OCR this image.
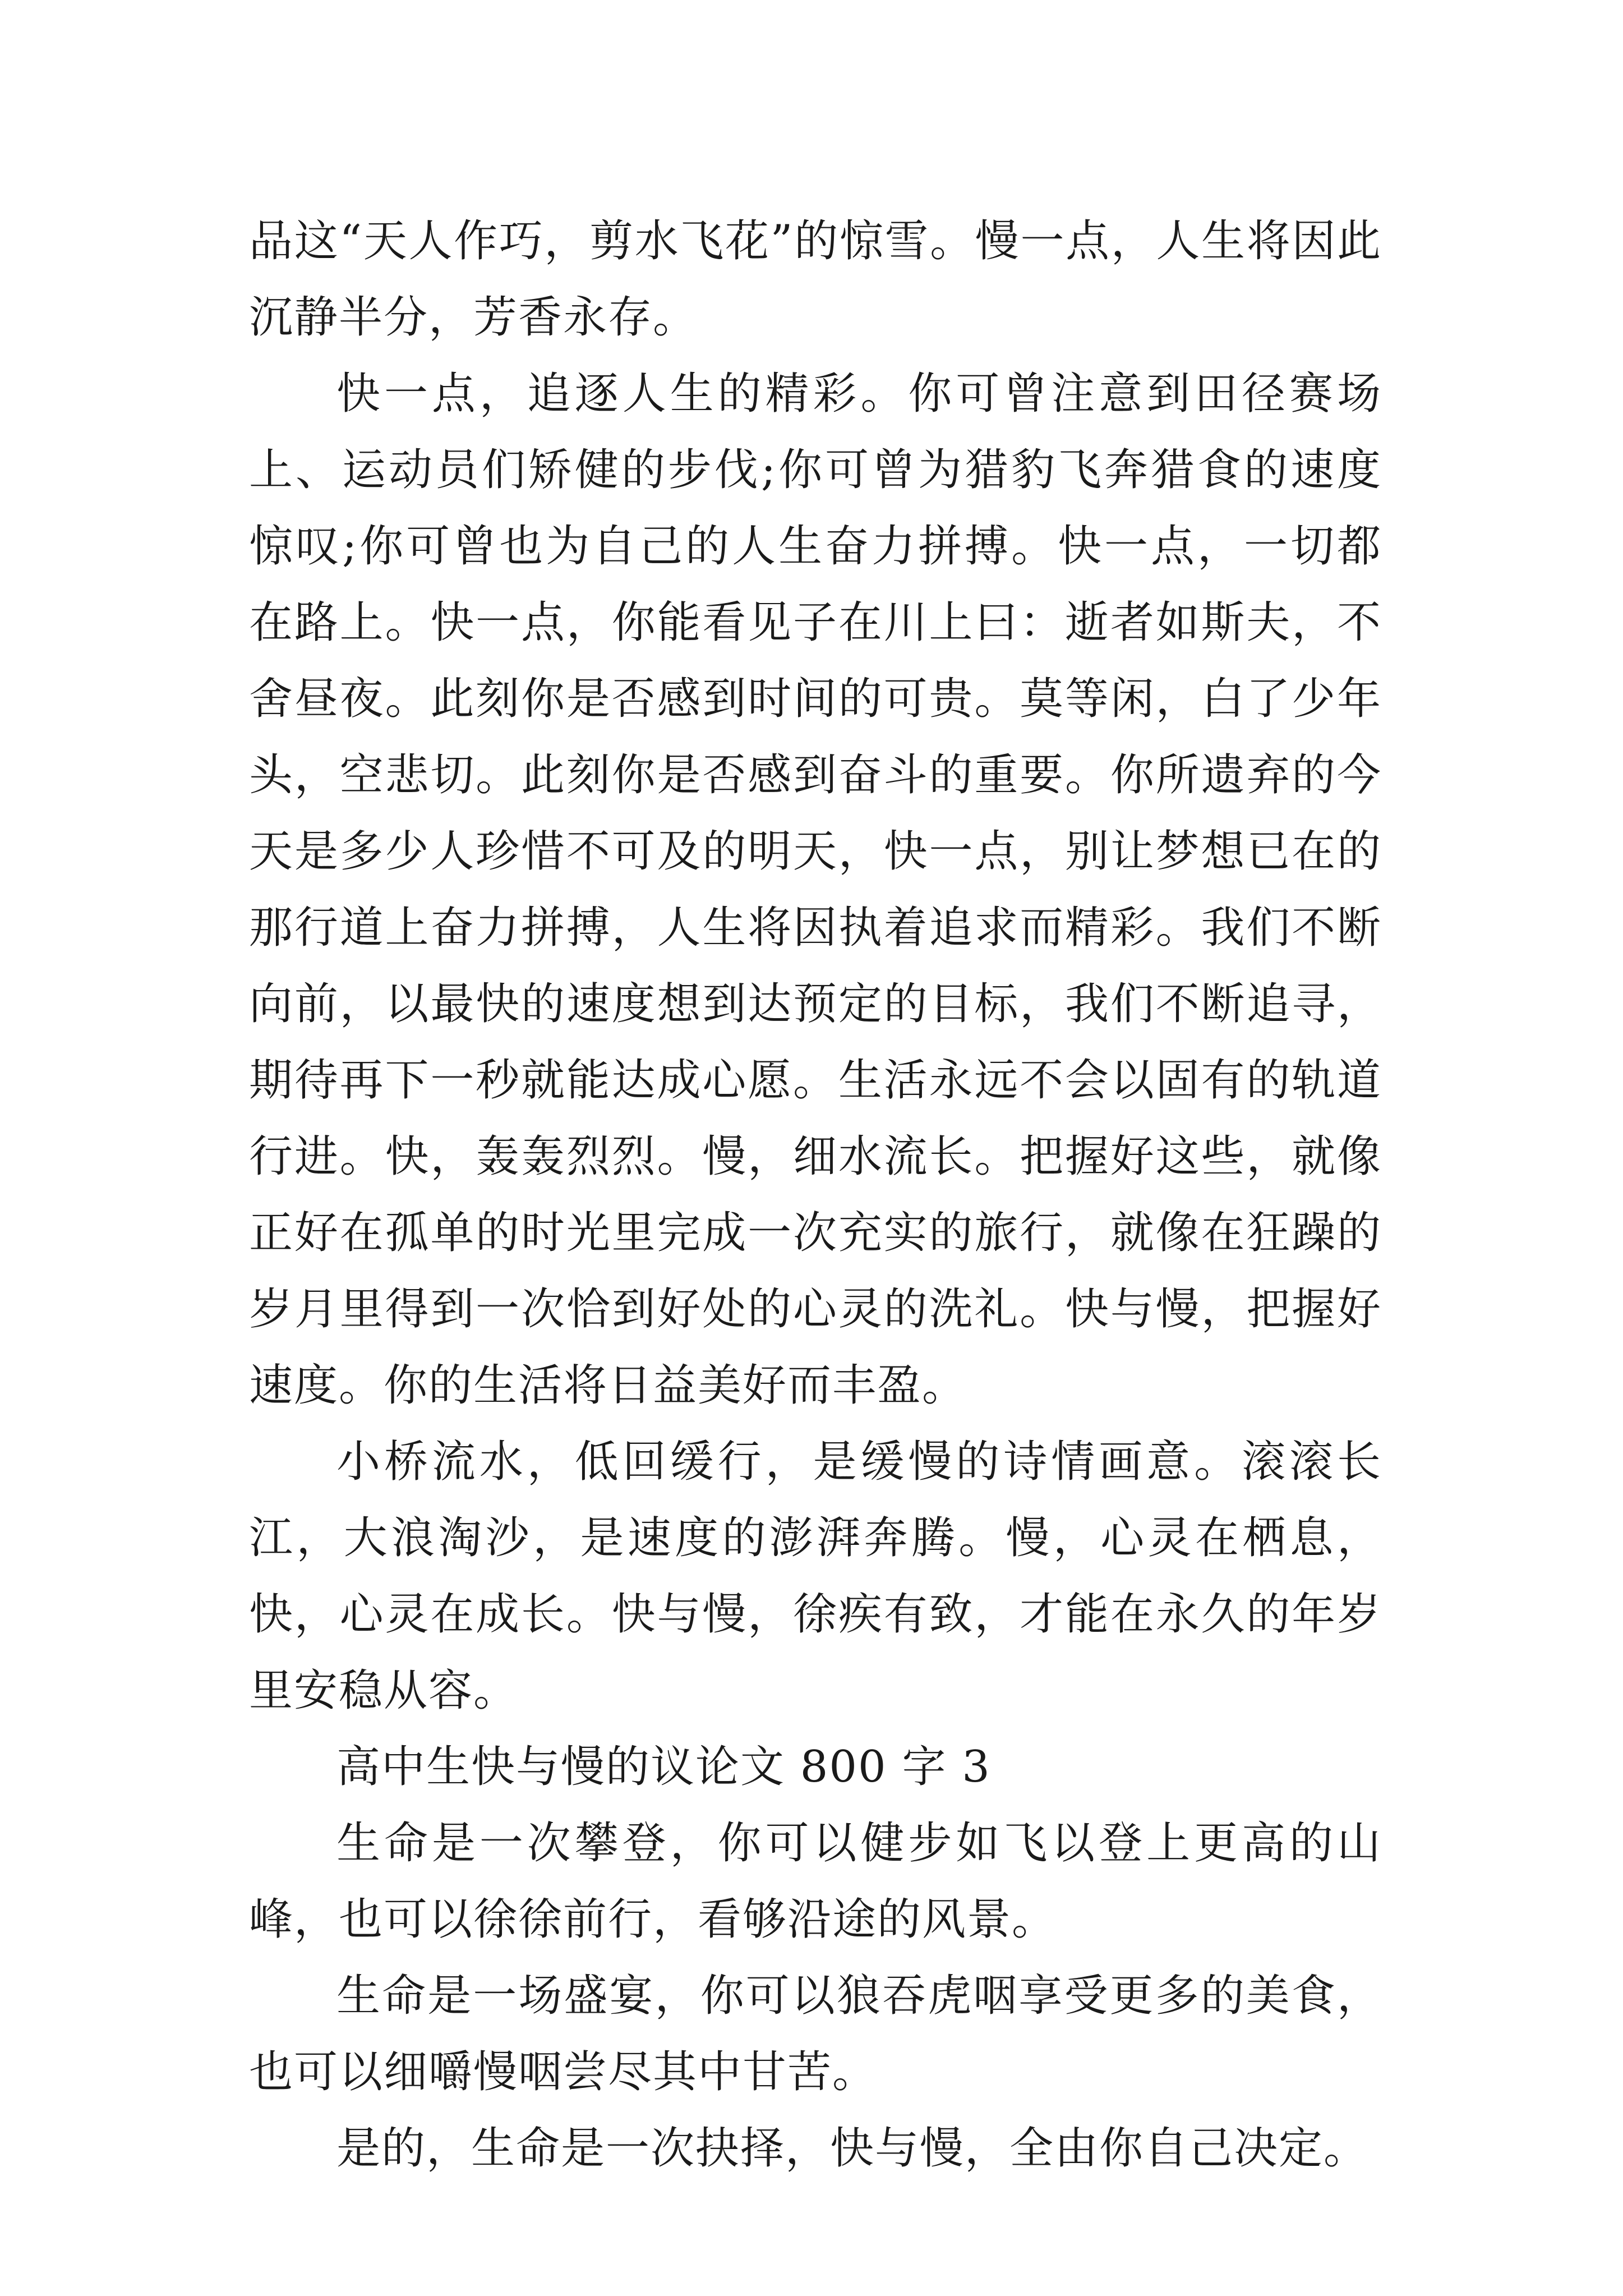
品这“天人作巧，剪水飞花”的惊雪。慢一点，人生将因此沉静半分，芳香永存。

快一点，追逐人生的精彩。你可曾注意到田径赛场上、运动员们矫健的步伐;你可曾为猎豹飞奔猎食的速度惊叹;你可曾也为自己的人生奋力拼搏。快一点，一切都在路上。快一点，你能看见子在川上曰：逝者如斯夫，不舍昼夜。此刻你是否感到时间的可贵。莫等闲，白了少年头，空悲切。此刻你是否感到奋斗的重要。你所遗弃的今天是多少人珍惜不可及的明天，快一点，别让梦想已在的那行道上奋力拼搏，人生将因执着追求而精彩。我们不断向前，以最快的速度想到达预定的目标，我们不断追寻，期待再下一秒就能达成心愿。生活永远不会以固有的轨道行进。快，轰轰烈烈。慢，细水流长。把握好这些，就像正好在孤单的时光里完成一次充实的旅行，就像在狂躁的岁月里得到一次恰到好处的心灵的洗礼。快与慢，把握好速度。你的生活将日益美好而丰盈。

小桥流水，低回缓行，是缓慢的诗情画意。滚滚长江，大浪淘沙，是速度的澎湃奔腾。慢，心灵在栖息，快，心灵在成长。快与慢，徐疾有致，才能在永久的年岁里安稳从容。

高中生快与慢的议论文 800 字 3

生命是一次攀登，你可以健步如飞以登上更高的山峰，也可以徐徐前行，看够沿途的风景。

生命是一场盛宴，你可以狼吞虎咽享受更多的美食，也可以细嚼慢咽尝尽其中甘苦。

是的，生命是一次抉择，快与慢，全由你自己决定。
